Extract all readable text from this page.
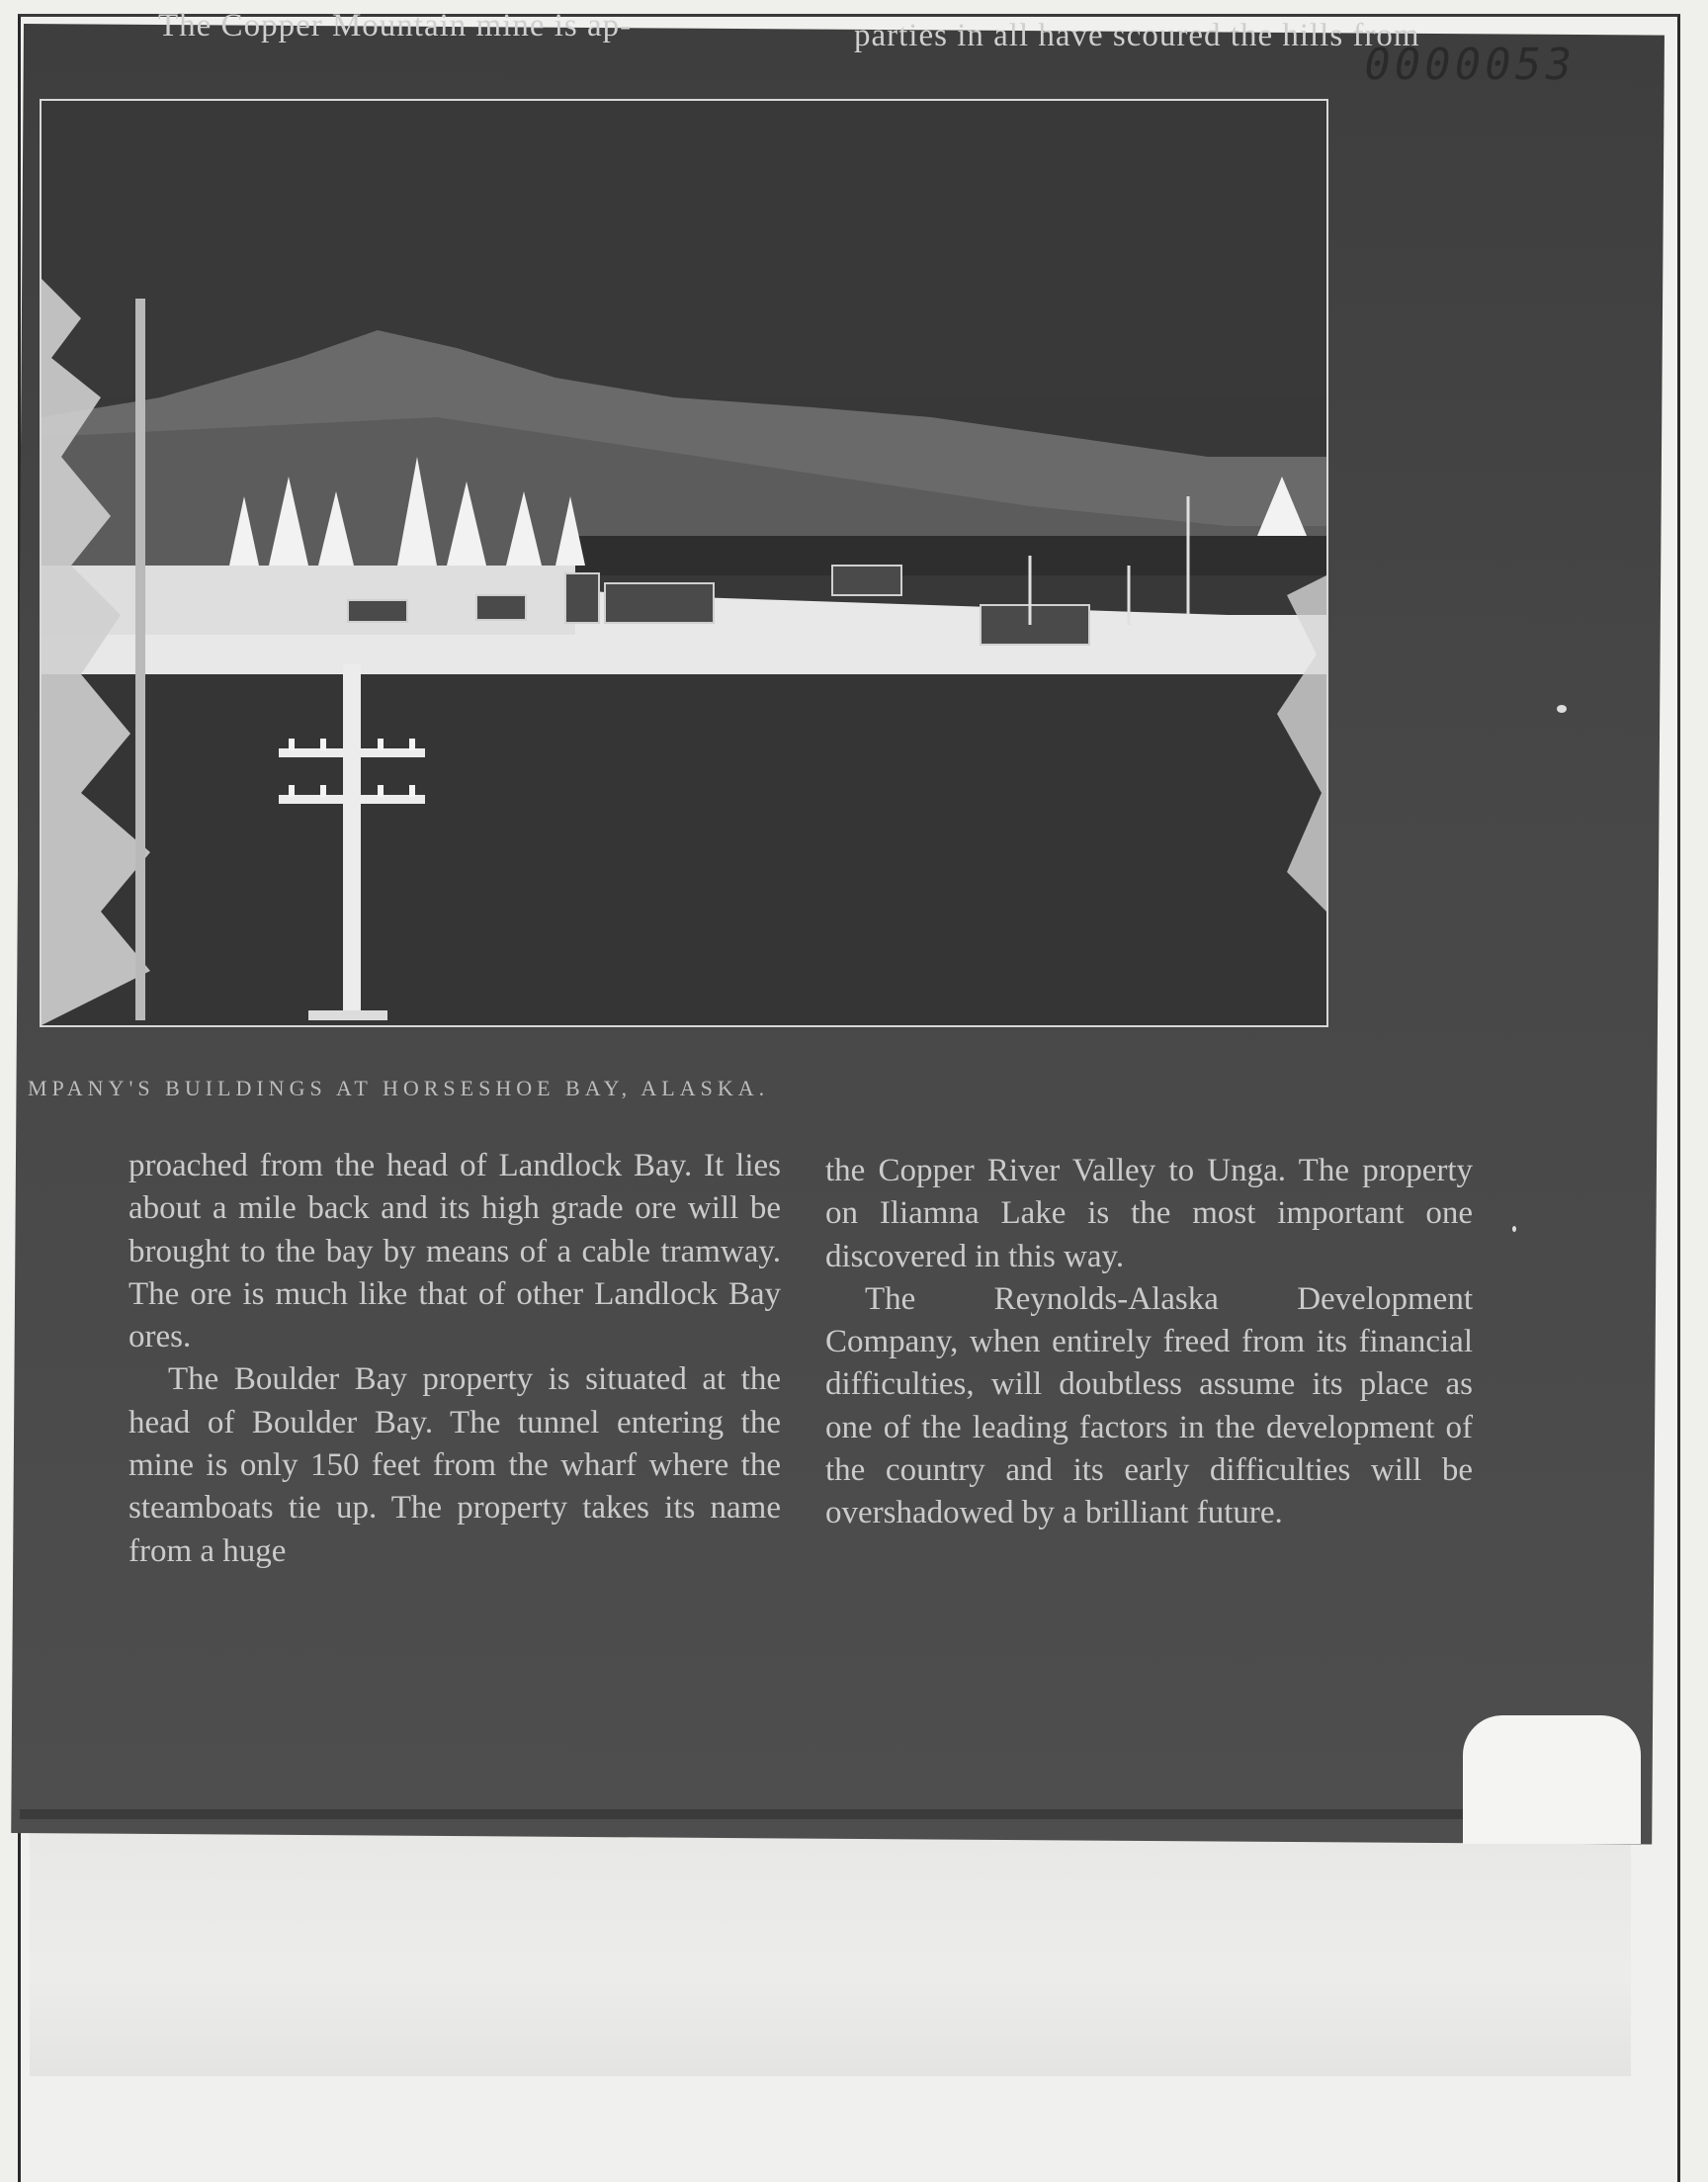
The Copper Mountain mine is ap-	parties in all have scoured the hills from
0000053
MPANY'S BUILDINGS AT HORSESHOE BAY, ALASKA.

proached from the head of Landlock Bay. It lies about a mile back and its high grade ore will be brought to the bay by means of a cable tramway. The ore is much like that of other Landlock Bay ores.

The Boulder Bay property is situated at the head of Boulder Bay. The tunnel entering the mine is only 150 feet from the wharf where the steamboats tie up. The property takes its name from a huge

the Copper River Valley to Unga. The property on Iliamna Lake is the most important one discovered in this way.

The Reynolds-Alaska Development Company, when entirely freed from its financial difficulties, will doubtless assume its place as one of the leading factors in the development of the country and its early difficulties will be overshadowed by a brilliant future.
